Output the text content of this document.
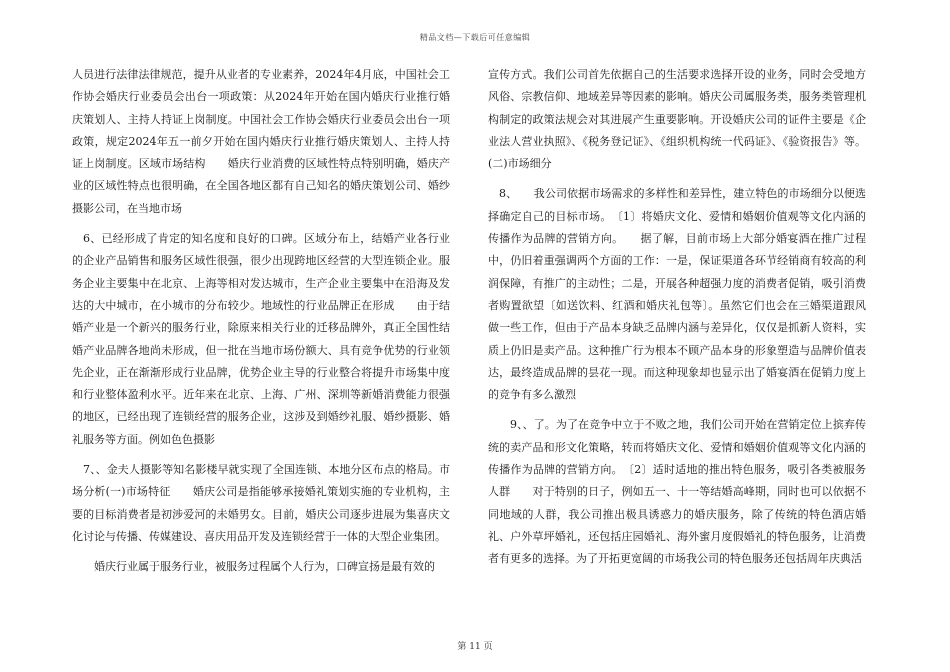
精品文档—下载后可任意编辑

人员进行法律法律规范，提升从业者的专业素养，2024年4月底，中国社会工作协会婚庆行业委员会出台一项政策：从2024年开始在国内婚庆行业推行婚庆策划人、主持人持证上岗制度。中国社会工作协会婚庆行业委员会出台一项政策，规定2024年五一前夕开始在国内婚庆行业推行婚庆策划人、主持人持证上岗制度。区域市场结构　　婚庆行业消费的区域性特点特别明确，婚庆产业的区域性特点也很明确，在全国各地区都有自己知名的婚庆策划公司、婚纱摄影公司，在当地市场

6、已经形成了肯定的知名度和良好的口碑。区域分布上，结婚产业各行业的企业产品销售和服务区域性很强，很少出现跨地区经营的大型连锁企业。服务企业主要集中在北京、上海等相对发达城市，生产企业主要集中在沿海及发达的大中城市，在小城市的分布较少。地域性的行业品牌正在形成　　由于结婚产业是一个新兴的服务行业，除原来相关行业的迁移品牌外，真正全国性结婚产业品牌各地尚未形成，但一批在当地市场份额大、具有竞争优势的行业领先企业，正在渐渐形成行业品牌，优势企业主导的行业整合将提升市场集中度和行业整体盈利水平。近年来在北京、上海、广州、深圳等新婚消费能力很强的地区，已经出现了连锁经营的服务企业，这涉及到婚纱礼服、婚纱摄影、婚礼服务等方面。例如色色摄影

7、、金夫人摄影等知名影楼早就实现了全国连锁、本地分区布点的格局。市场分析(一)市场特征　　婚庆公司是指能够承接婚礼策划实施的专业机构，主要的目标消费者是初涉爱河的未婚男女。目前，婚庆公司逐步进展为集喜庆文化讨论与传播、传媒建设、喜庆用品开发及连锁经营于一体的大型企业集团。

婚庆行业属于服务行业，被服务过程属个人行为，口碑宣扬是最有效的

宣传方式。我们公司首先依据自己的生活要求选择开设的业务，同时会受地方风俗、宗教信仰、地域差异等因素的影响。婚庆公司属服务类，服务类管理机构制定的政策法规会对其进展产生重要影响。开设婚庆公司的证件主要是《企业法人营业执照》、《税务登记证》、《组织机构统一代码证》、《验资报告》等。(二)市场细分

8、　　我公司依据市场需求的多样性和差异性，建立特色的市场细分以便选择确定自己的目标市场。　〔1〕将婚庆文化、爱情和婚姻价值观等文化内涵的传播作为品牌的营销方向。　　据了解，目前市场上大部分婚宴酒在推广过程中，仍旧着重强调两个方面的工作：一是，保证渠道各环节经销商有较高的利润保障，有推广的主动性；二是，开展各种超强力度的消费者促销，吸引消费者购置欲望〔如送饮料、红酒和婚庆礼包等〕。虽然它们也会在三婚渠道跟风做一些工作，但由于产品本身缺乏品牌内涵与差异化，仅仅是抓新人资料，实质上仍旧是卖产品。这种推广行为根本不顾产品本身的形象塑造与品牌价值表达，最终造成品牌的昙花一现。而这种现象却也显示出了婚宴酒在促销力度上的竞争有多么激烈

9、、了。为了在竞争中立于不败之地，我们公司开始在营销定位上摈弃传统的卖产品和形文化策略，转而将婚庆文化、爱情和婚姻价值观等文化内涵的传播作为品牌的营销方向。　〔2〕适时适地的推出特色服务，吸引各类被服务人群　　对于特别的日子，例如五一、十一等结婚高峰期，同时也可以依据不同地域的人群，我公司推出极具诱惑力的婚庆服务，除了传统的特色酒店婚礼、户外草坪婚礼，还包括庄园婚礼、海外蜜月度假婚礼的特色服务，让消费者有更多的选择。为了开拓更宽阔的市场我公司的特色服务还包括周年庆典活

第 11 页
